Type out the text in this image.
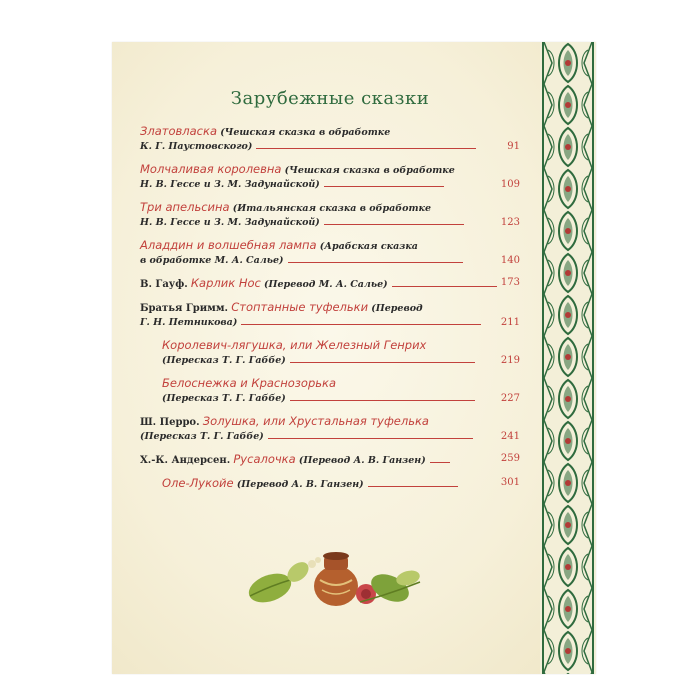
Зарубежные сказки
Златовласка (Чешская сказка в обработке
К. Г. Паустовского)	91
Молчаливая королевна (Чешская сказка в обработке
Н. В. Гессе и З. М. Задунайской)	109
Три апельсина (Итальянская сказка в обработке
Н. В. Гессе и З. М. Задунайской)	123
Аладдин и волшебная лампа (Арабская сказка
в обработке М. А. Салье)	140
В. Гауф. Карлик Нос (Перевод М. А. Салье)	173
Братья Гримм. Стоптанные туфельки (Перевод
Г. Н. Петникова)	211
Королевич-лягушка, или Железный Генрих
(Пересказ Т. Г. Габбе)	219
Белоснежка и Краснозорька
(Пересказ Т. Г. Габбе)	227
Ш. Перро. Золушка, или Хрустальная туфелька
(Пересказ Т. Г. Габбе)	241
Х.-К. Андерсен. Русалочка (Перевод А. В. Ганзен)	259
Оле-Лукойе (Перевод А. В. Ганзен)	301
